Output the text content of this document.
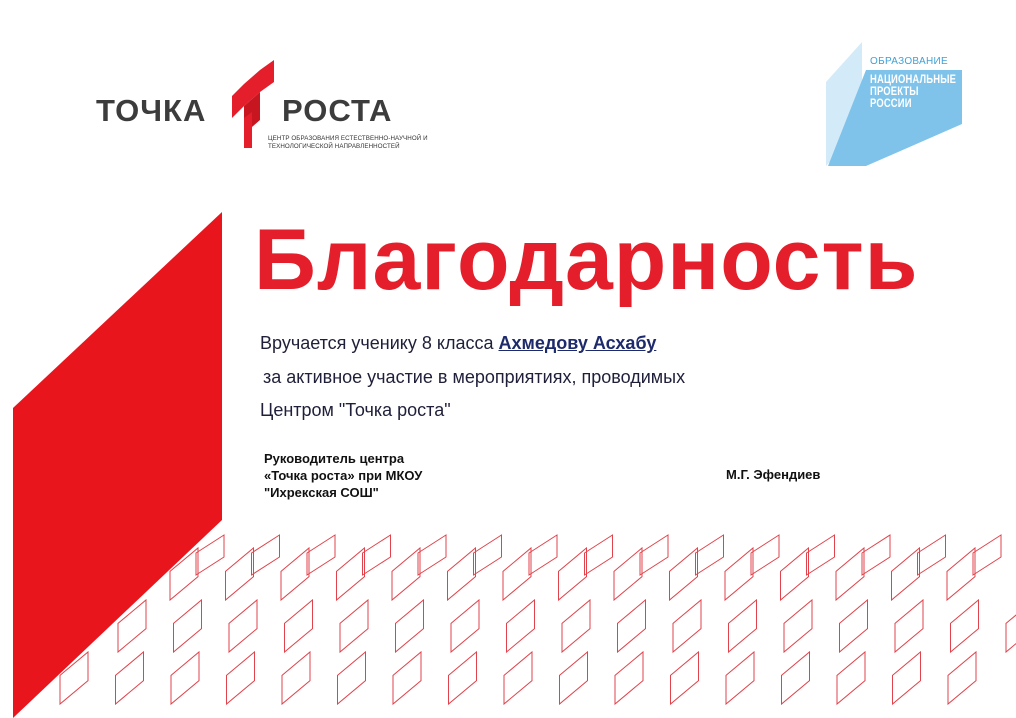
ТОЧКА РОСТА
ЦЕНТР ОБРАЗОВАНИЯ ЕСТЕСТВЕННО-НАУЧНОЙ И
ТЕХНОЛОГИЧЕСКОЙ НАПРАВЛЕННОСТЕЙ
ОБРАЗОВАНИЕ
НАЦИОНАЛЬНЫЕ
ПРОЕКТЫ
РОССИИ
Благодарность
Вручается ученику 8 класса Ахмедову Асхабу
за активное участие в мероприятиях, проводимых
Центром "Точка роста"
Руководитель центра
«Точка роста» при МКОУ
"Ихрекская СОШ"
М.Г. Эфендиев
